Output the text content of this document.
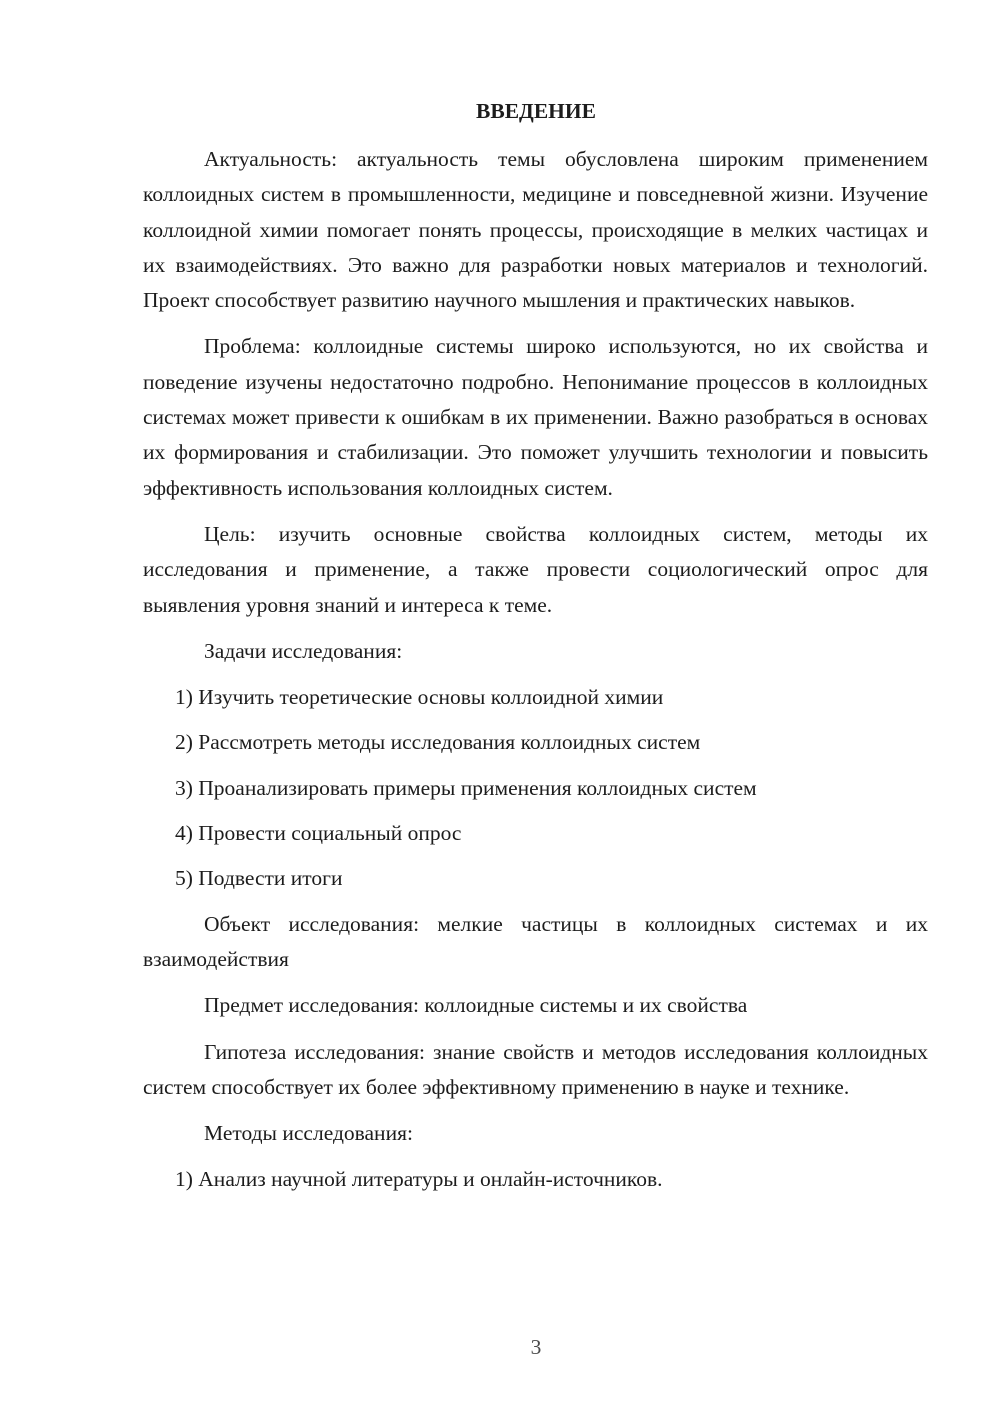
ВВЕДЕНИЕ

Актуальность: актуальность темы обусловлена широким применением коллоидных систем в промышленности, медицине и повседневной жизни. Изучение коллоидной химии помогает понять процессы, происходящие в мелких частицах и их взаимодействиях. Это важно для разработки новых материалов и технологий. Проект способствует развитию научного мышления и практических навыков.

Проблема: коллоидные системы широко используются, но их свойства и поведение изучены недостаточно подробно. Непонимание процессов в коллоидных системах может привести к ошибкам в их применении. Важно разобраться в основах их формирования и стабилизации. Это поможет улучшить технологии и повысить эффективность использования коллоидных систем.

Цель: изучить основные свойства коллоидных систем, методы их исследования и применение, а также провести социологический опрос для выявления уровня знаний и интереса к теме.

Задачи исследования:

1) Изучить теоретические основы коллоидной химии
2) Рассмотреть методы исследования коллоидных систем
3) Проанализировать примеры применения коллоидных систем
4) Провести социальный опрос
5) Подвести итоги

Объект исследования: мелкие частицы в коллоидных системах и их взаимодействия

Предмет исследования: коллоидные системы и их свойства

Гипотеза исследования: знание свойств и методов исследования коллоидных систем способствует их более эффективному применению в науке и технике.

Методы исследования:

1) Анализ научной литературы и онлайн-источников.
3
